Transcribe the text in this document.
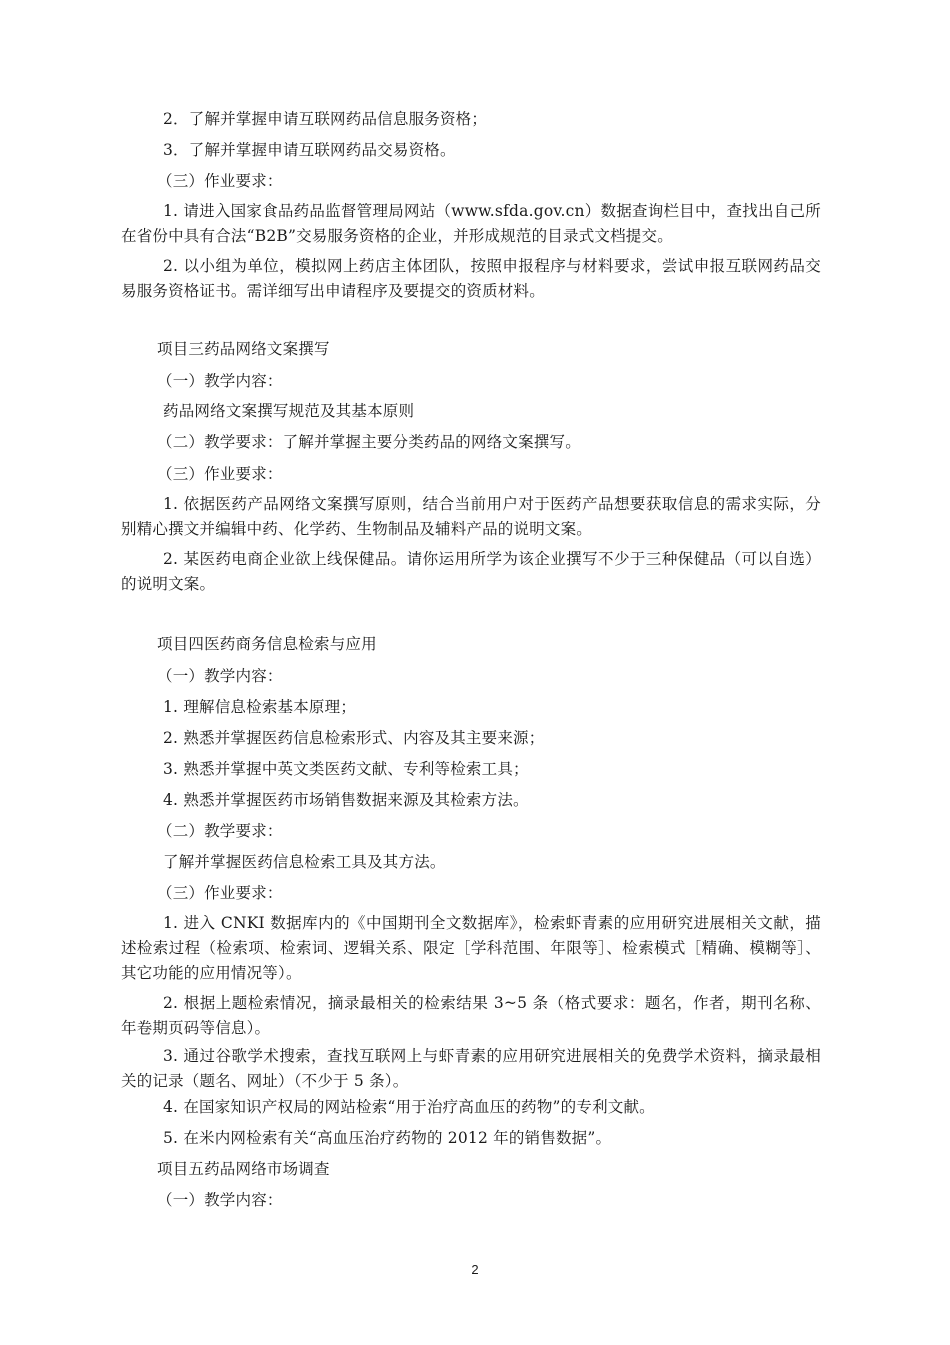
2．了解并掌握申请互联网药品信息服务资格；
3．了解并掌握申请互联网药品交易资格。
（三）作业要求：
1. 请进入国家食品药品监督管理局网站（www.sfda.gov.cn）数据查询栏目中，查找出自己所在省份中具有合法“B2B”交易服务资格的企业，并形成规范的目录式文档提交。
2. 以小组为单位，模拟网上药店主体团队，按照申报程序与材料要求，尝试申报互联网药品交易服务资格证书。需详细写出申请程序及要提交的资质材料。
项目三药品网络文案撰写
（一）教学内容：
药品网络文案撰写规范及其基本原则
（二）教学要求：了解并掌握主要分类药品的网络文案撰写。
（三）作业要求：
1. 依据医药产品网络文案撰写原则，结合当前用户对于医药产品想要获取信息的需求实际，分别精心撰文并编辑中药、化学药、生物制品及辅料产品的说明文案。
2. 某医药电商企业欲上线保健品。请你运用所学为该企业撰写不少于三种保健品（可以自选）的说明文案。
项目四医药商务信息检索与应用
（一）教学内容：
1. 理解信息检索基本原理；
2. 熟悉并掌握医药信息检索形式、内容及其主要来源；
3. 熟悉并掌握中英文类医药文献、专利等检索工具；
4. 熟悉并掌握医药市场销售数据来源及其检索方法。
（二）教学要求：
了解并掌握医药信息检索工具及其方法。
（三）作业要求：
1. 进入 CNKI 数据库内的《中国期刊全文数据库》，检索虾青素的应用研究进展相关文献，描述检索过程（检索项、检索词、逻辑关系、限定［学科范围、年限等］、检索模式［精确、模糊等］、其它功能的应用情况等）。
2. 根据上题检索情况，摘录最相关的检索结果 3~5 条（格式要求：题名，作者，期刊名称、年卷期页码等信息）。
3. 通过谷歌学术搜索，查找互联网上与虾青素的应用研究进展相关的免费学术资料，摘录最相关的记录（题名、网址）（不少于 5 条）。
4. 在国家知识产权局的网站检索“用于治疗高血压的药物”的专利文献。
5. 在米内网检索有关“高血压治疗药物的 2012 年的销售数据”。
项目五药品网络市场调查
（一）教学内容：
2
